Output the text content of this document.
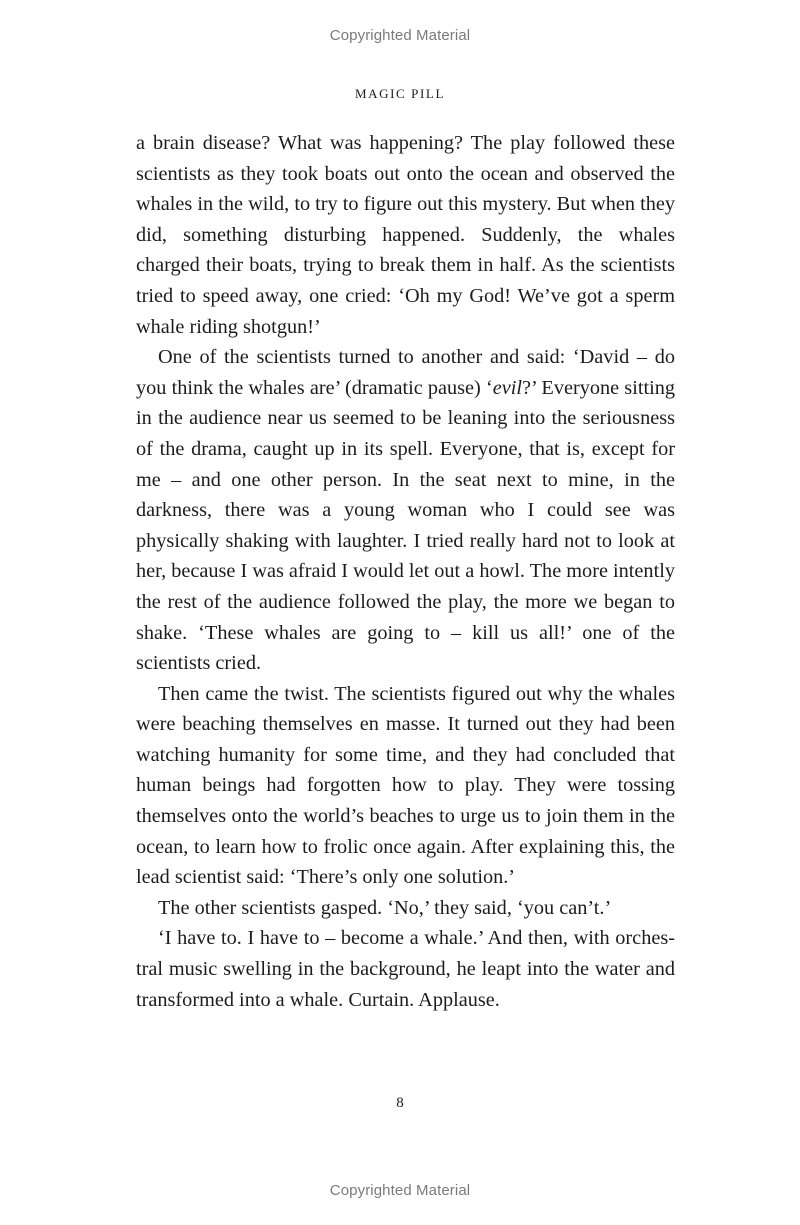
Copyrighted Material
MAGIC PILL

a brain disease? What was happening? The play followed these scientists as they took boats out onto the ocean and observed the whales in the wild, to try to figure out this mystery. But when they did, something disturbing happened. Suddenly, the whales charged their boats, trying to break them in half. As the scientists tried to speed away, one cried: ‘Oh my God! We’ve got a sperm whale riding shotgun!’

One of the scientists turned to another and said: ‘David – do you think the whales are’ (dramatic pause) ‘evil?’ Everyone sitting in the audience near us seemed to be leaning into the seriousness of the drama, caught up in its spell. Everyone, that is, except for me – and one other person. In the seat next to mine, in the darkness, there was a young woman who I could see was physically shaking with laughter. I tried really hard not to look at her, because I was afraid I would let out a howl. The more intently the rest of the audience followed the play, the more we began to shake. ‘These whales are going to – kill us all!’ one of the scientists cried.

Then came the twist. The scientists figured out why the whales were beaching themselves en masse. It turned out they had been watching humanity for some time, and they had concluded that human beings had forgotten how to play. They were tossing themselves onto the world’s beaches to urge us to join them in the ocean, to learn how to frolic once again. After explaining this, the lead scientist said: ‘There’s only one solution.’

The other scientists gasped. ‘No,’ they said, ‘you can’t.’

‘I have to. I have to – become a whale.’ And then, with orchestral music swelling in the background, he leapt into the water and transformed into a whale. Curtain. Applause.

8
Copyrighted Material
